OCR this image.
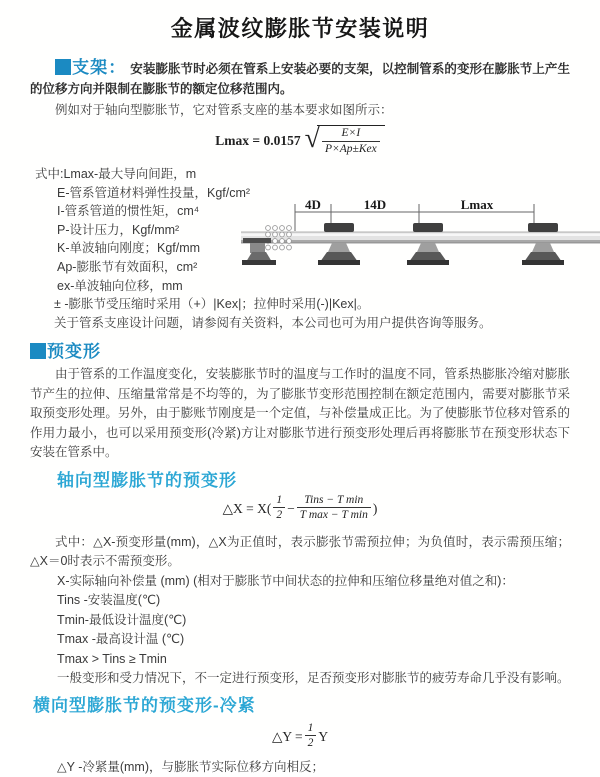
金属波纹膨胀节安装说明

支架： 安装膨胀节时必须在管系上安装必要的支架，以控制管系的变形在膨胀节上产生的位移方向并限制在膨胀节的额定位移范围内。

例如对于轴向型膨胀节，它对管系支座的基本要求如图所示：

Lmax = 0.0157 √ $\frac{E\times I}{\text{P×Ap±Kex}}$
式中:Lmax-最大导向间距，m
E-管系管道材料弹性投量，Kgf/cm²
I-管系管道的惯性矩，cm⁴
P-设计压力，Kgf/mm²
K-单波轴向刚度；Kgf/mm
Ap-膨胀节有效面积，cm²
ex-单波轴向位移，mm
± -膨胀节受压缩时采用（+）|Kex|；拉伸时采用(-)|Kex|。
关于管系支座设计问题，请参阅有关资料，本公司也可为用户提供咨询等服务。
4D	14D	Lmax
预变形

由于管系的工作温度变化，安装膨胀节时的温度与工作时的温度不同，管系热膨胀冷缩对膨胀节产生的拉伸、压缩量常常是不均等的，为了膨胀节变形范围控制在额定范围内，需要对膨胀节采取预变形处理。另外，由于膨账节刚度是一个定值，与补偿量成正比。为了使膨胀节位移对管系的作用力最小，也可以采用预变形(冷紧)方让对膨胀节进行预变形处理后再将膨胀节在预变形状态下安装在管系中。

轴向型膨胀节的预变形
△X = $X( \frac{1}{2} - \frac{\text{Tins − T min}}{\text{T max − T min}}$ )

式中：△X-预变形量(mm)，△X为正值时，表示膨张节需预拉伸；为负值时，表示需预压缩；△X＝0时表示不需预变形。

X-实际轴向补偿量 (mm) (相对于膨胀节中间状态的拉伸和压缩位移量绝对值之和)：
Tins -安装温度(℃)
Tmin-最低设计温度(℃)
Tmax -最高设计温 (℃)
Tmax > Tins ≥ Tmin
一般变形和受力情况下，不一定进行预变形，足否预变形对膨胀节的疲劳寿命几乎没有影响。
横向型膨胀节的预变形-冷紧
△Y = $\frac{1}{2}$ Y
△Y -冷紧量(mm)，与膨胀节实际位移方向相反；
